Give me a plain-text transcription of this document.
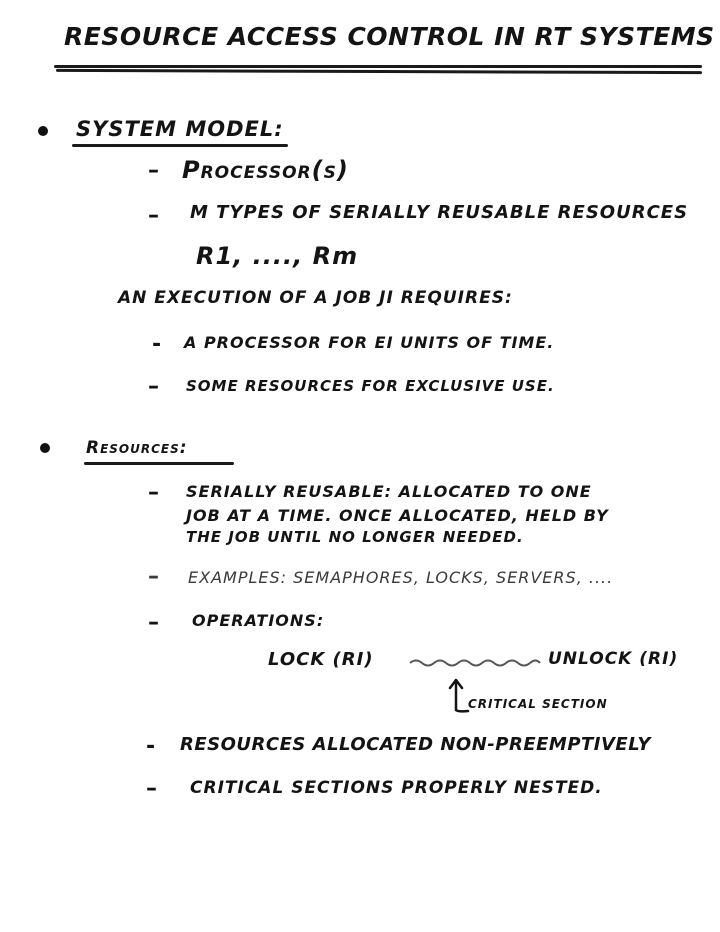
RESOURCE ACCESS CONTROL IN RT SYSTEMS
SYSTEM MODEL:
– Processor(s)
– M TYPES OF SERIALLY REUSABLE RESOURCES
R1, ...., Rm
AN EXECUTION OF A JOB JI REQUIRES:
- A PROCESSOR FOR EI UNITS OF TIME.
– SOME RESOURCES FOR EXCLUSIVE USE.
Resources:
– SERIALLY REUSABLE: ALLOCATED TO ONE
JOB AT A TIME. ONCE ALLOCATED, HELD BY
THE JOB UNTIL NO LONGER NEEDED.
– EXAMPLES: SEMAPHORES, LOCKS, SERVERS, ....
– OPERATIONS:
LOCK (RI)	UNLOCK (RI)
CRITICAL SECTION
- RESOURCES ALLOCATED NON-PREEMPTIVELY
– CRITICAL SECTIONS PROPERLY NESTED.
